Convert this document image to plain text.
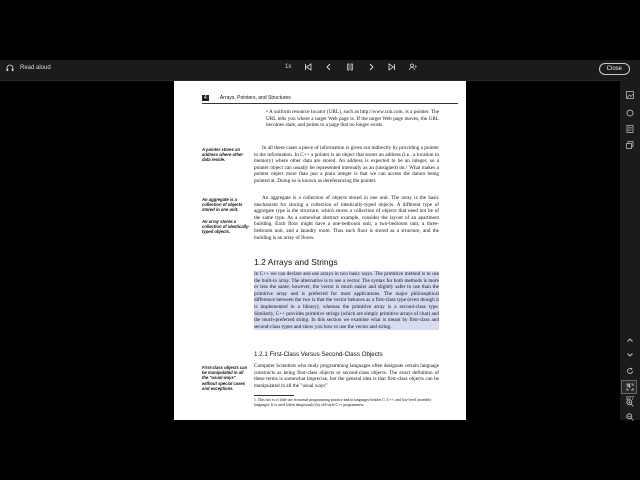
Read aloud	1x	Close
4
977
4	Arrays, Pointers, and Structures

• A uniform resource locator (URL), such as http://www.cnn.com, is a pointer. The URL tells you where a target Web page is. If the target Web page moves, the URL becomes stale, and points to a page that no longer exists.

A pointer stores an address where other data reside.

In all these cases a piece of information is given out indirectly by providing a pointer to the information. In C++ a pointer is an object that stores an address (i.e., a location in memory) where other data are stored. An address is expected to be an integer, so a pointer object can usually be represented internally as an (unsigned) int.¹ What makes a pointer object more than just a plain integer is that we can access the datum being pointed at. Doing so is known as dereferencing the pointer.

An aggregate is a collection of objects stored in one unit.
An array stores a collection of identically-typed objects.

An aggregate is a collection of objects stored in one unit. The array is the basic mechanism for storing a collection of identically-typed objects. A different type of aggregate type is the structure, which stores a collection of objects that need not be of the same type. As a somewhat abstract example, consider the layout of an apartment building. Each floor might have a one-bedroom unit, a two-bedroom unit, a three-bedroom unit, and a laundry room. Thus each floor is stored as a structure, and the building is an array of floors.

1.2 Arrays and Strings

In C++ we can declare and use arrays in two basic ways. The primitive method is to use the built-in array. The alternative is to use a vector. The syntax for both methods is more or less the same; however, the vector is much easier and slightly safer to use than the primitive array and is preferred for most applications. The major philosophical difference between the two is that the vector behaves as a first-class type (even though it is implemented in a library), whereas the primitive array is a second-class type. Similarly, C++ provides primitive strings (which are simply primitive arrays of char) and the much-preferred string. In this section we examine what is meant by first-class and second-class types and show you how to use the vector and string.

1.2.1 First-Class Versus Second-Class Objects
First-class objects can be manipulated in all the "usual ways" without special cases and exceptions.

Computer Scientists who study programming languages often designate certain language constructs as being first-class objects or second-class objects. The exact definition of these terms is somewhat imprecise, but the general idea is that first-class objects can be manipulated in all the "usual ways"

1. This fact is of little use in normal programming practice and in languages besides C, C++, and low-level assembly languages. It is used (often dangerously) by old-style C++ programmers.
